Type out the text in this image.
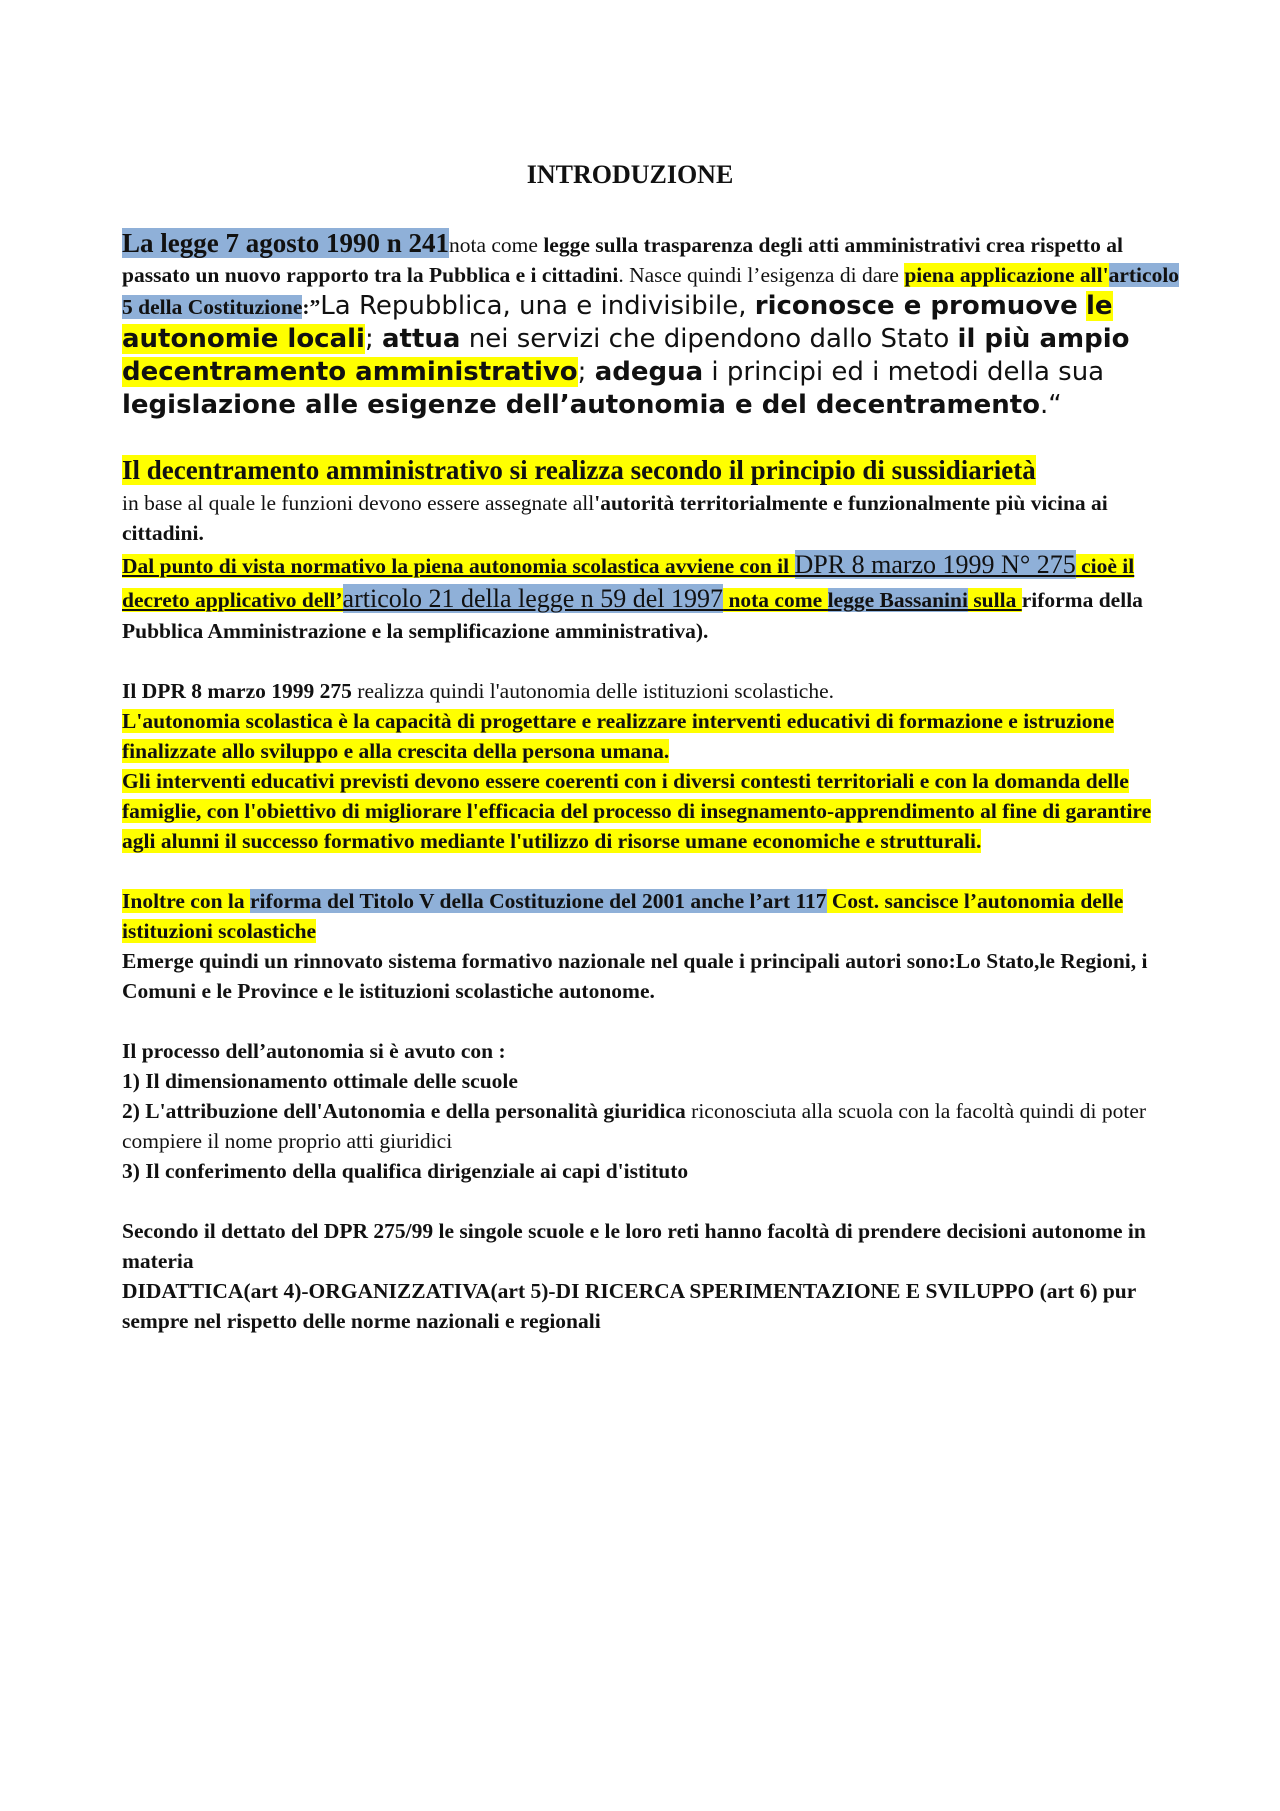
INTRODUZIONE

La legge 7 agosto 1990 n 241nota come legge sulla trasparenza degli atti amministrativi crea rispetto al passato un nuovo rapporto tra la Pubblica e i cittadini. Nasce quindi l’esigenza di dare piena applicazione all'articolo 5 della Costituzione:”La Repubblica, una e indivisibile, riconosce e promuove le autonomie locali; attua nei servizi che dipendono dallo Stato il più ampio decentramento amministrativo; adegua i principi ed i metodi della sua legislazione alle esigenze dell’autonomia e del decentramento.“

Il decentramento amministrativo si realizza secondo il principio di sussidiarietà
in base al quale le funzioni devono essere assegnate all'autorità territorialmente e funzionalmente più vicina ai cittadini.

Dal punto di vista normativo la piena autonomia scolastica avviene con il DPR 8 marzo 1999 N° 275 cioè il decreto applicativo dell’articolo 21 della legge n 59 del 1997 nota come legge Bassanini sulla riforma della Pubblica Amministrazione e la semplificazione amministrativa).

Il DPR 8 marzo 1999 275 realizza quindi l'autonomia delle istituzioni scolastiche.

L'autonomia scolastica è la capacità di progettare e realizzare interventi educativi di formazione e istruzione finalizzate allo sviluppo e alla crescita della persona umana.
Gli interventi educativi previsti devono essere coerenti con i diversi contesti territoriali e con la domanda delle famiglie, con l'obiettivo di migliorare l'efficacia del processo di insegnamento-apprendimento al fine di garantire agli alunni il successo formativo mediante l'utilizzo di risorse umane economiche e strutturali.

Inoltre con la riforma del Titolo V della Costituzione del 2001 anche l’art 117 Cost. sancisce l’autonomia delle istituzioni scolastiche
Emerge quindi un rinnovato sistema formativo nazionale nel quale i principali autori sono:Lo Stato,le Regioni, i Comuni e le Province e le istituzioni scolastiche autonome.

Il processo dell’autonomia si è avuto con :
1) Il dimensionamento ottimale delle scuole
2) L'attribuzione dell'Autonomia e della personalità giuridica riconosciuta alla scuola con la facoltà quindi di poter compiere il nome proprio atti giuridici
3) Il conferimento della qualifica dirigenziale ai capi d'istituto

Secondo il dettato del DPR 275/99 le singole scuole e le loro reti hanno facoltà di prendere decisioni autonome in materia
DIDATTICA(art 4)-ORGANIZZATIVA(art 5)-DI RICERCA SPERIMENTAZIONE E SVILUPPO (art 6) pur sempre nel rispetto delle norme nazionali e regionali
